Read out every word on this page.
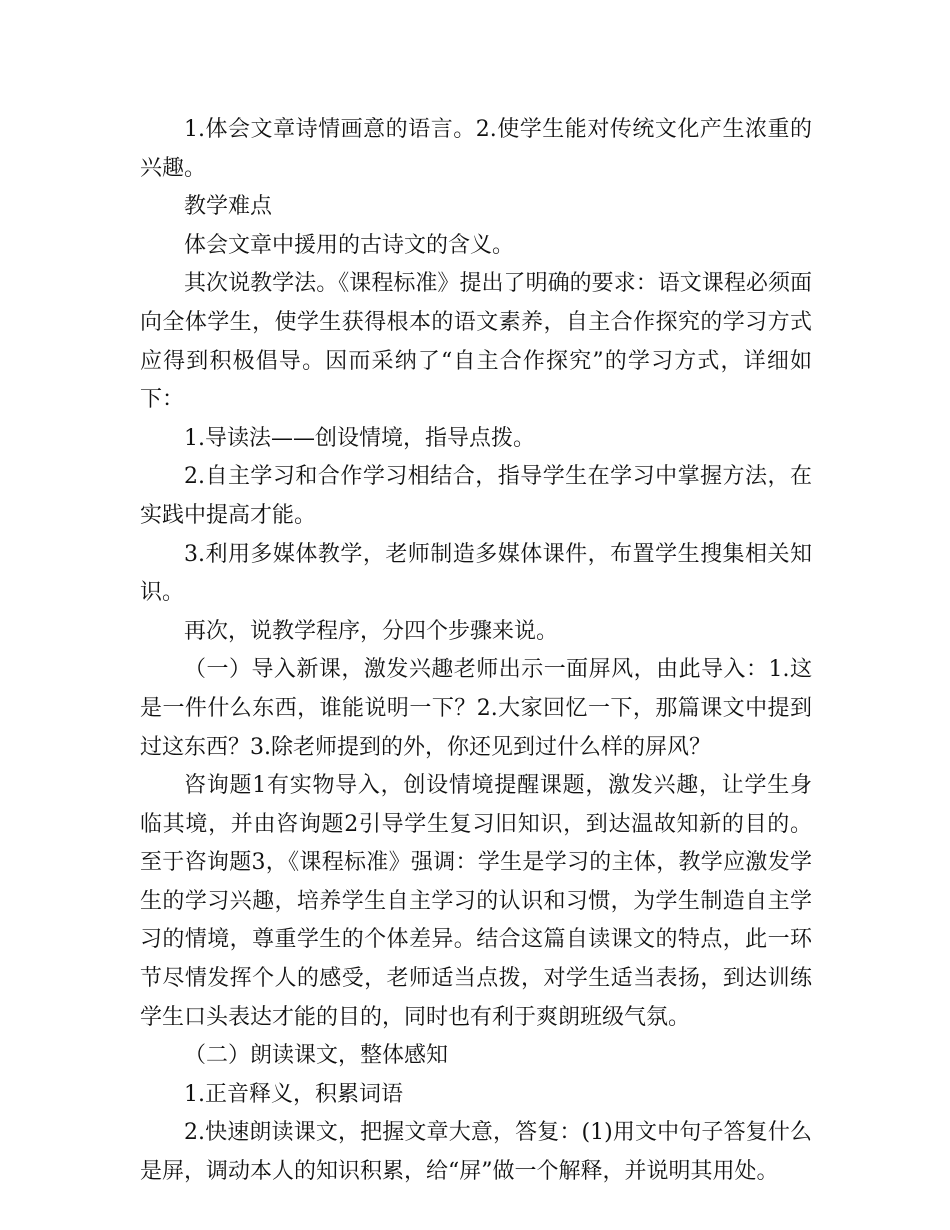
1.体会文章诗情画意的语言。2.使学生能对传统文化产生浓重的兴趣。

教学难点

体会文章中援用的古诗文的含义。

其次说教学法。《课程标准》提出了明确的要求：语文课程必须面向全体学生，使学生获得根本的语文素养，自主合作探究的学习方式应得到积极倡导。因而采纳了“自主合作探究”的学习方式，详细如下：

1.导读法——创设情境，指导点拨。

2.自主学习和合作学习相结合，指导学生在学习中掌握方法，在实践中提高才能。

3.利用多媒体教学，老师制造多媒体课件，布置学生搜集相关知识。

再次，说教学程序，分四个步骤来说。

（一）导入新课，激发兴趣老师出示一面屏风，由此导入：1.这是一件什么东西，谁能说明一下？2.大家回忆一下，那篇课文中提到过这东西？3.除老师提到的外，你还见到过什么样的屏风？

咨询题1有实物导入，创设情境提醒课题，激发兴趣，让学生身临其境，并由咨询题2引导学生复习旧知识，到达温故知新的目的。至于咨询题3，《课程标准》强调：学生是学习的主体，教学应激发学生的学习兴趣，培养学生自主学习的认识和习惯，为学生制造自主学习的情境，尊重学生的个体差异。结合这篇自读课文的特点，此一环节尽情发挥个人的感受，老师适当点拨，对学生适当表扬，到达训练学生口头表达才能的目的，同时也有利于爽朗班级气氛。

（二）朗读课文，整体感知

1.正音释义，积累词语

2.快速朗读课文，把握文章大意，答复：(1)用文中句子答复什么是屏，调动本人的知识积累，给“屏”做一个解释，并说明其用处。
